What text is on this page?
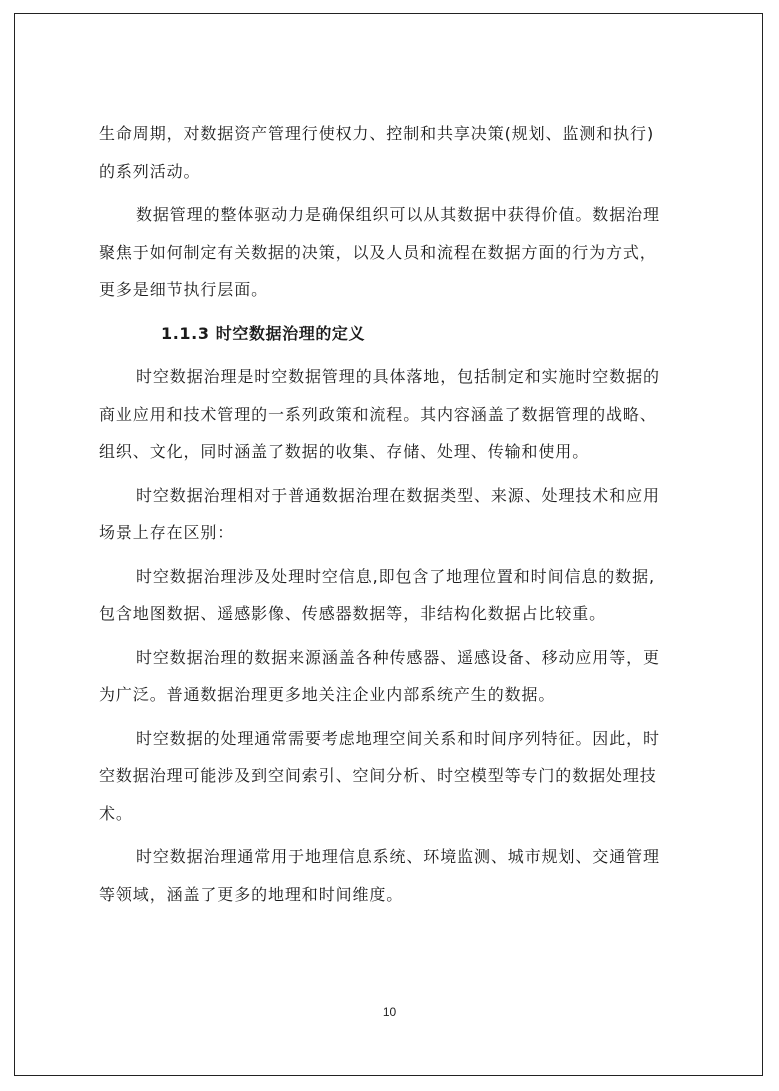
生命周期，对数据资产管理行使权力、控制和共享决策(规划、监测和执行)

的系列活动。

数据管理的整体驱动力是确保组织可以从其数据中获得价值。数据治理

聚焦于如何制定有关数据的决策，以及人员和流程在数据方面的行为方式，

更多是细节执行层面。

1.1.3 时空数据治理的定义

时空数据治理是时空数据管理的具体落地，包括制定和实施时空数据的

商业应用和技术管理的一系列政策和流程。其内容涵盖了数据管理的战略、

组织、文化，同时涵盖了数据的收集、存储、处理、传输和使用。

时空数据治理相对于普通数据治理在数据类型、来源、处理技术和应用

场景上存在区别：

时空数据治理涉及处理时空信息,即包含了地理位置和时间信息的数据,

包含地图数据、遥感影像、传感器数据等，非结构化数据占比较重。

时空数据治理的数据来源涵盖各种传感器、遥感设备、移动应用等，更

为广泛。普通数据治理更多地关注企业内部系统产生的数据。

时空数据的处理通常需要考虑地理空间关系和时间序列特征。因此，时

空数据治理可能涉及到空间索引、空间分析、时空模型等专门的数据处理技

术。

时空数据治理通常用于地理信息系统、环境监测、城市规划、交通管理

等领域，涵盖了更多的地理和时间维度。

10
